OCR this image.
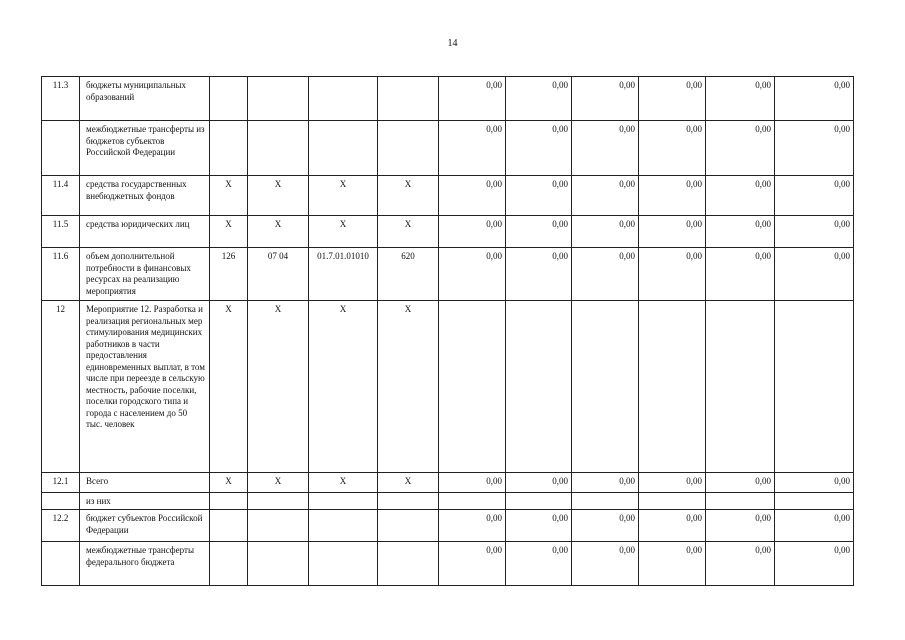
14
11.3	бюджеты муниципальных образований					0,00	0,00	0,00	0,00	0,00	0,00
	межбюджетные трансферты из бюджетов субъектов Российской Федерации					0,00	0,00	0,00	0,00	0,00	0,00
11.4	средства государственных внебюджетных фондов	X	X	X	X	0,00	0,00	0,00	0,00	0,00	0,00
11.5	средства юридических лиц	X	X	X	X	0,00	0,00	0,00	0,00	0,00	0,00
11.6	объем дополнительной потребности в финансовых ресурсах на реализацию мероприятия	126	07 04	01.7.01.01010	620	0,00	0,00	0,00	0,00	0,00	0,00
12	Мероприятие 12. Разработка и реализация региональных мер стимулирования медицинских работников в части предоставления единовременных выплат, в том числе при переезде в сельскую местность, рабочие поселки, поселки городского типа и города с населением до 50 тыс. человек	X	X	X	X						
12.1	Всего	X	X	X	X	0,00	0,00	0,00	0,00	0,00	0,00
	из них										
12.2	бюджет субъектов Российской Федерации					0,00	0,00	0,00	0,00	0,00	0,00
	межбюджетные трансферты федерального бюджета					0,00	0,00	0,00	0,00	0,00	0,00
